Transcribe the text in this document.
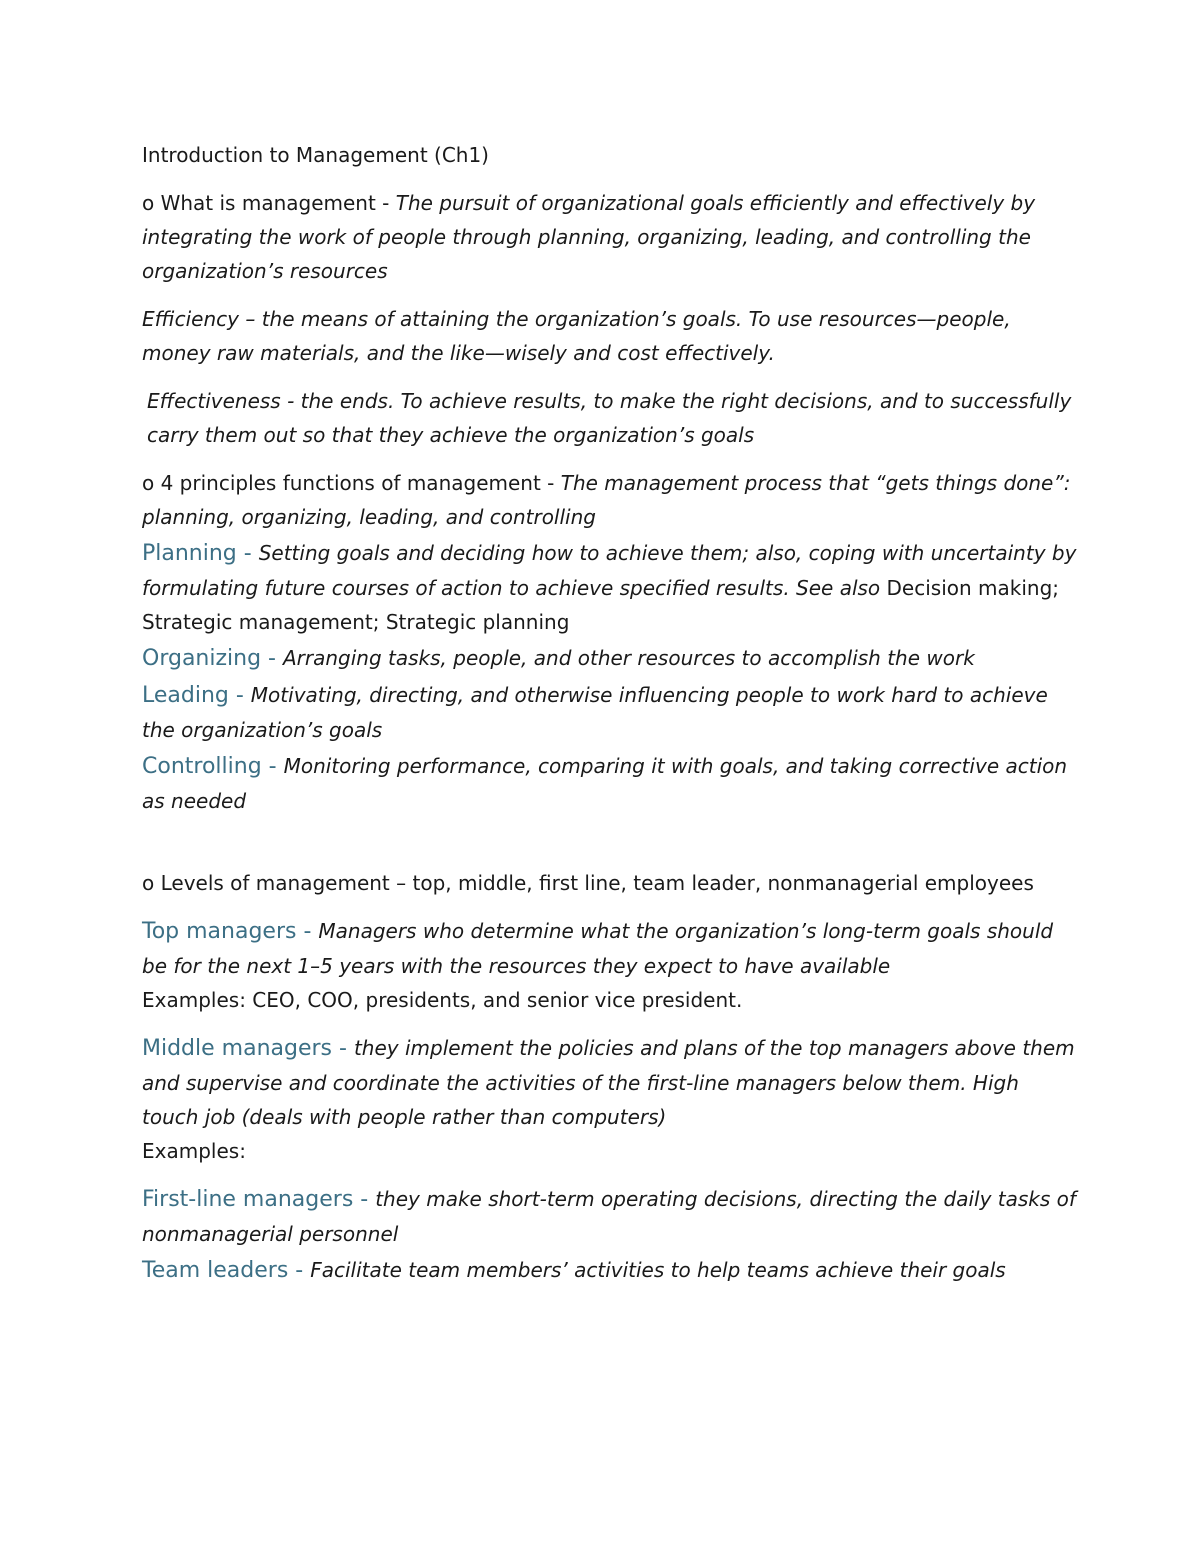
Introduction to Management (Ch1)

o What is management - The pursuit of organizational goals efficiently and effectively by integrating the work of people through planning, organizing, leading, and controlling the organization’s resources

Efficiency – the means of attaining the organization’s goals. To use resources—people, money raw materials, and the like—wisely and cost effectively.

Effectiveness - the ends. To achieve results, to make the right decisions, and to successfully carry them out so that they achieve the organization’s goals

o 4 principles functions of management - The management process that “gets things done”: planning, organizing, leading, and controlling

Planning - Setting goals and deciding how to achieve them; also, coping with uncertainty by formulating future courses of action to achieve specified results. See also Decision making; Strategic management; Strategic planning

Organizing - Arranging tasks, people, and other resources to accomplish the work

Leading - Motivating, directing, and otherwise influencing people to work hard to achieve the organization’s goals

Controlling - Monitoring performance, comparing it with goals, and taking corrective action as needed

o Levels of management – top, middle, first line, team leader, nonmanagerial employees

Top managers - Managers who determine what the organization’s long-term goals should be for the next 1–5 years with the resources they expect to have available

Examples: CEO, COO, presidents, and senior vice president.

Middle managers - they implement the policies and plans of the top managers above them and supervise and coordinate the activities of the first-line managers below them. High touch job (deals with people rather than computers)

Examples:

First-line managers - they make short-term operating decisions, directing the daily tasks of nonmanagerial personnel

Team leaders - Facilitate team members’ activities to help teams achieve their goals
